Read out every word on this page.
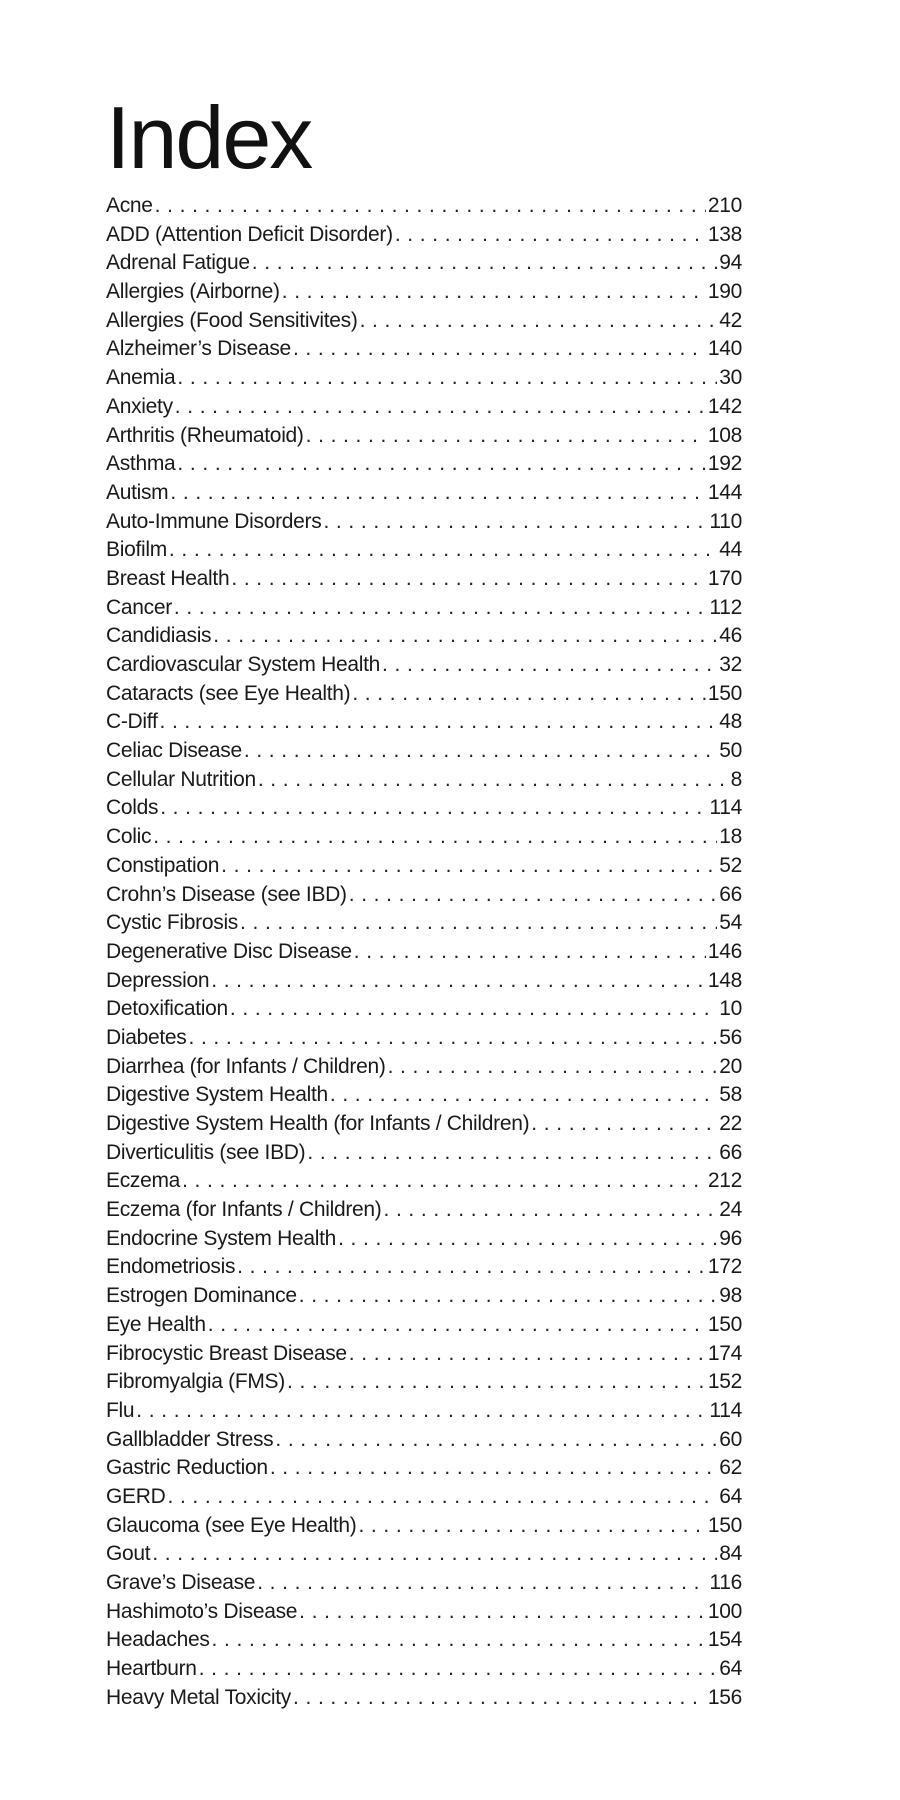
Index
Acne . . .	210
ADD (Attention Deficit Disorder) . . .	138
Adrenal Fatigue . . .	94
Allergies (Airborne) . . .	190
Allergies (Food Sensitivites) . . .	42
Alzheimer’s Disease . . .	140
Anemia . . .	30
Anxiety . . .	142
Arthritis (Rheumatoid) . . .	108
Asthma . . .	192
Autism . . .	144
Auto-Immune Disorders . . .	110
Biofilm . . .	44
Breast Health . . .	170
Cancer . . .	112
Candidiasis . . .	46
Cardiovascular System Health . . .	32
Cataracts (see Eye Health) . . .	150
C-Diff . . .	48
Celiac Disease . . .	50
Cellular Nutrition . . .	8
Colds . . .	114
Colic . . .	18
Constipation . . .	52
Crohn’s Disease (see IBD) . . .	66
Cystic Fibrosis . . .	54
Degenerative Disc Disease . . .	146
Depression . . .	148
Detoxification . . .	10
Diabetes . . .	56
Diarrhea (for Infants / Children) . . .	20
Digestive System Health . . .	58
Digestive System Health (for Infants / Children) . . .	22
Diverticulitis (see IBD) . . .	66
Eczema . . .	212
Eczema (for Infants / Children) . . .	24
Endocrine System Health . . .	96
Endometriosis . . .	172
Estrogen Dominance . . .	98
Eye Health . . .	150
Fibrocystic Breast Disease . . .	174
Fibromyalgia (FMS) . . .	152
Flu . . .	114
Gallbladder Stress . . .	60
Gastric Reduction . . .	62
GERD . . .	64
Glaucoma (see Eye Health) . . .	150
Gout . . .	84
Grave’s Disease . . .	116
Hashimoto’s Disease . . .	100
Headaches . . .	154
Heartburn . . .	64
Heavy Metal Toxicity . . .	156
